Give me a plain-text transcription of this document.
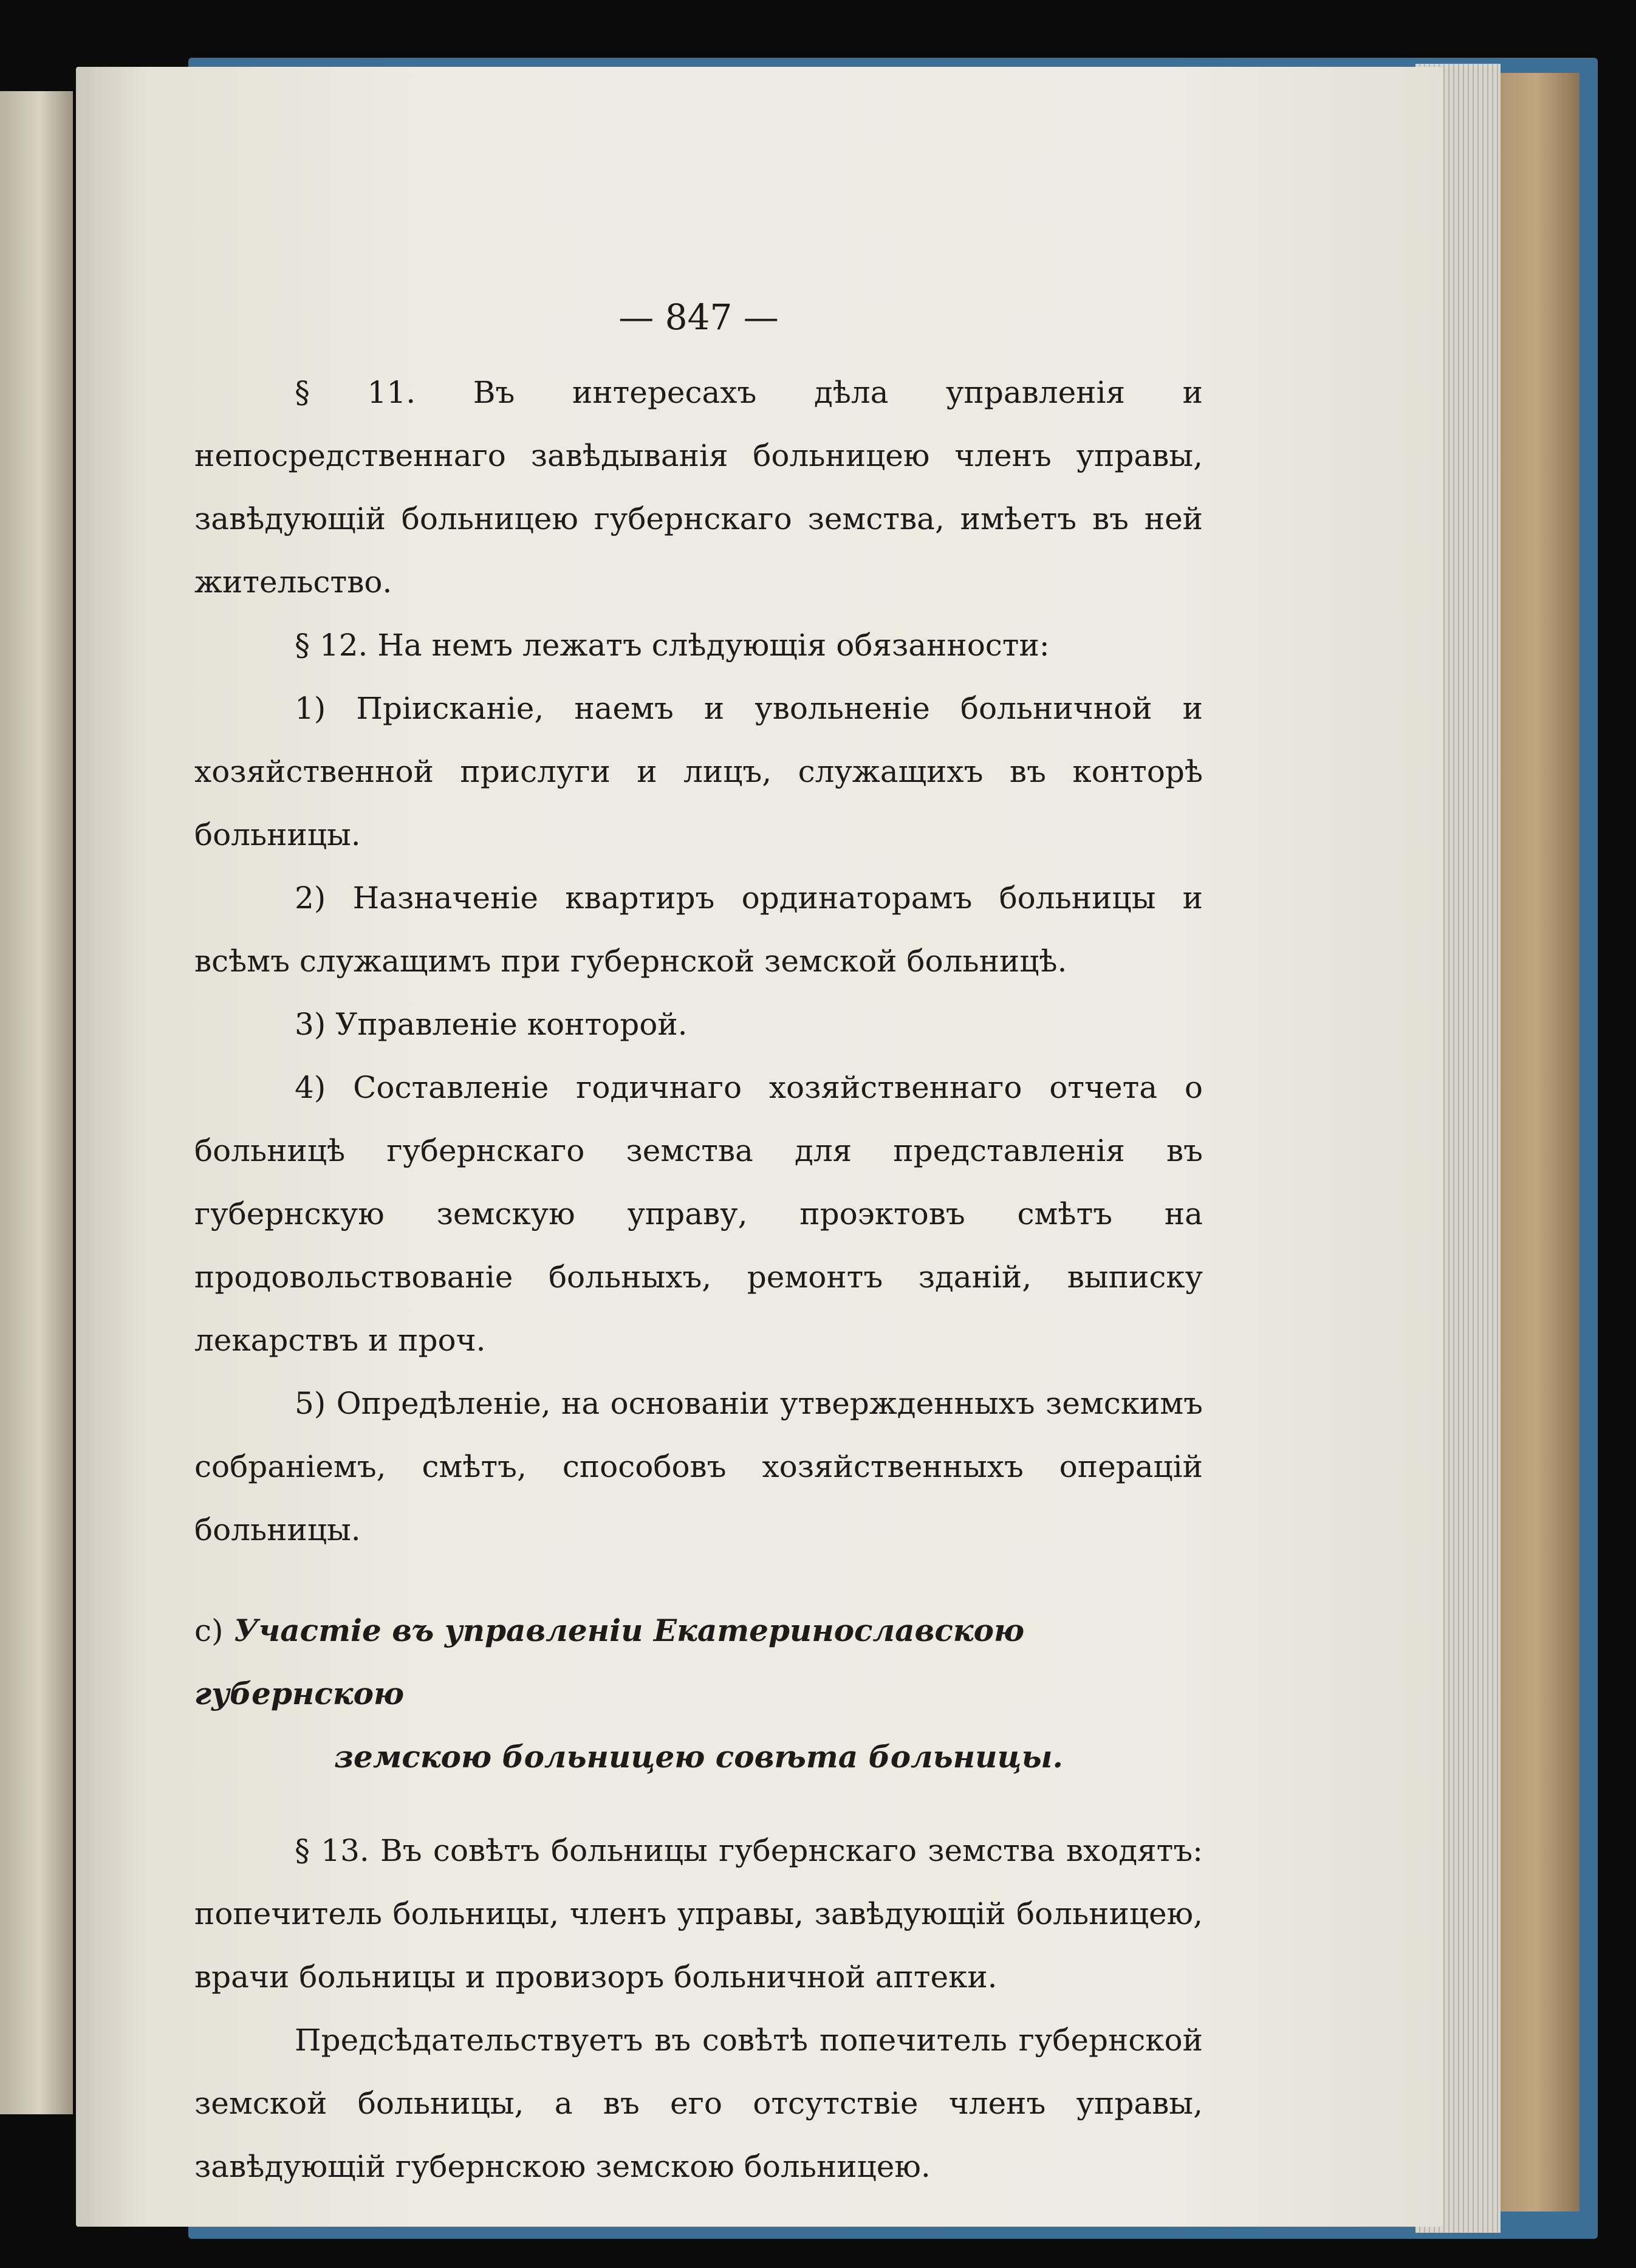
— 847 —

§ 11. Въ интересахъ дѣла управленія и непосредственнаго завѣдыванія больницею членъ управы, завѣдующій больницею губернскаго земства, имѣетъ въ ней жительство.

§ 12. На немъ лежатъ слѣдующія обязанности:

1) Пріисканіе, наемъ и увольненіе больничной и хозяйственной прислуги и лицъ, служащихъ въ конторѣ больницы.

2) Назначеніе квартиръ ординаторамъ больницы и всѣмъ служащимъ при губернской земской больницѣ.

3) Управленіе конторой.

4) Составленіе годичнаго хозяйственнаго отчета о больницѣ губернскаго земства для представленія въ губернскую земскую управу, проэктовъ смѣтъ на продовольствованіе больныхъ, ремонтъ зданій, выписку лекарствъ и проч.

5) Опредѣленіе, на основаніи утвержденныхъ земскимъ собраніемъ, смѣтъ, способовъ хозяйственныхъ операцій больницы.

с) Участіе въ управленіи Екатеринославскою губернскою
земскою больницею совѣта больницы.

§ 13. Въ совѣтъ больницы губернскаго земства входятъ: попечитель больницы, членъ управы, завѣдующій больницею, врачи больницы и провизоръ больничной аптеки.

Предсѣдательствуетъ въ совѣтѣ попечитель губернской земской больницы, а въ его отсутствіе членъ управы, завѣдующій губернскою земскою больницею.
